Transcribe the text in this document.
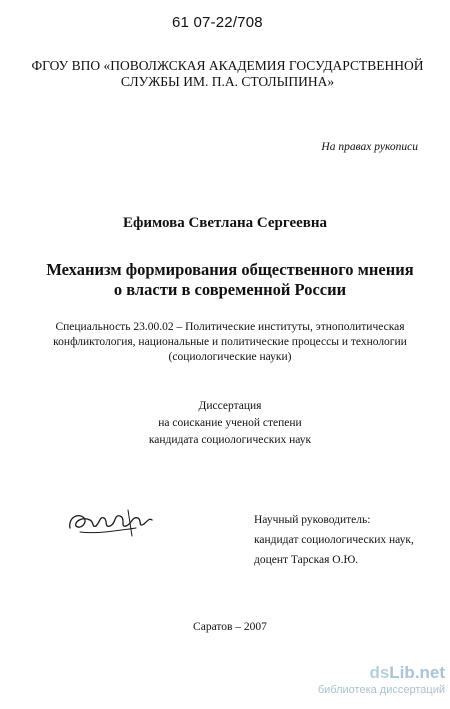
61 07-22/708
ФГОУ ВПО «ПОВОЛЖСКАЯ АКАДЕМИЯ ГОСУДАРСТВЕННОЙ
СЛУЖБЫ ИМ. П.А. СТОЛЫПИНА»
На правах рукописи
Ефимова Светлана Сергеевна
Механизм формирования общественного мнения
о власти в современной России
Специальность 23.00.02 – Политические институты, этнополитическая
конфликтология, национальные и политические процессы и технологии
(социологические науки)
Диссертация
на соискание ученой степени
кандидата социологических наук
Научный руководитель:
кандидат социологических наук,
доцент Тарская О.Ю.
Саратов – 2007
dsLib.net
библиотека диссертаций
